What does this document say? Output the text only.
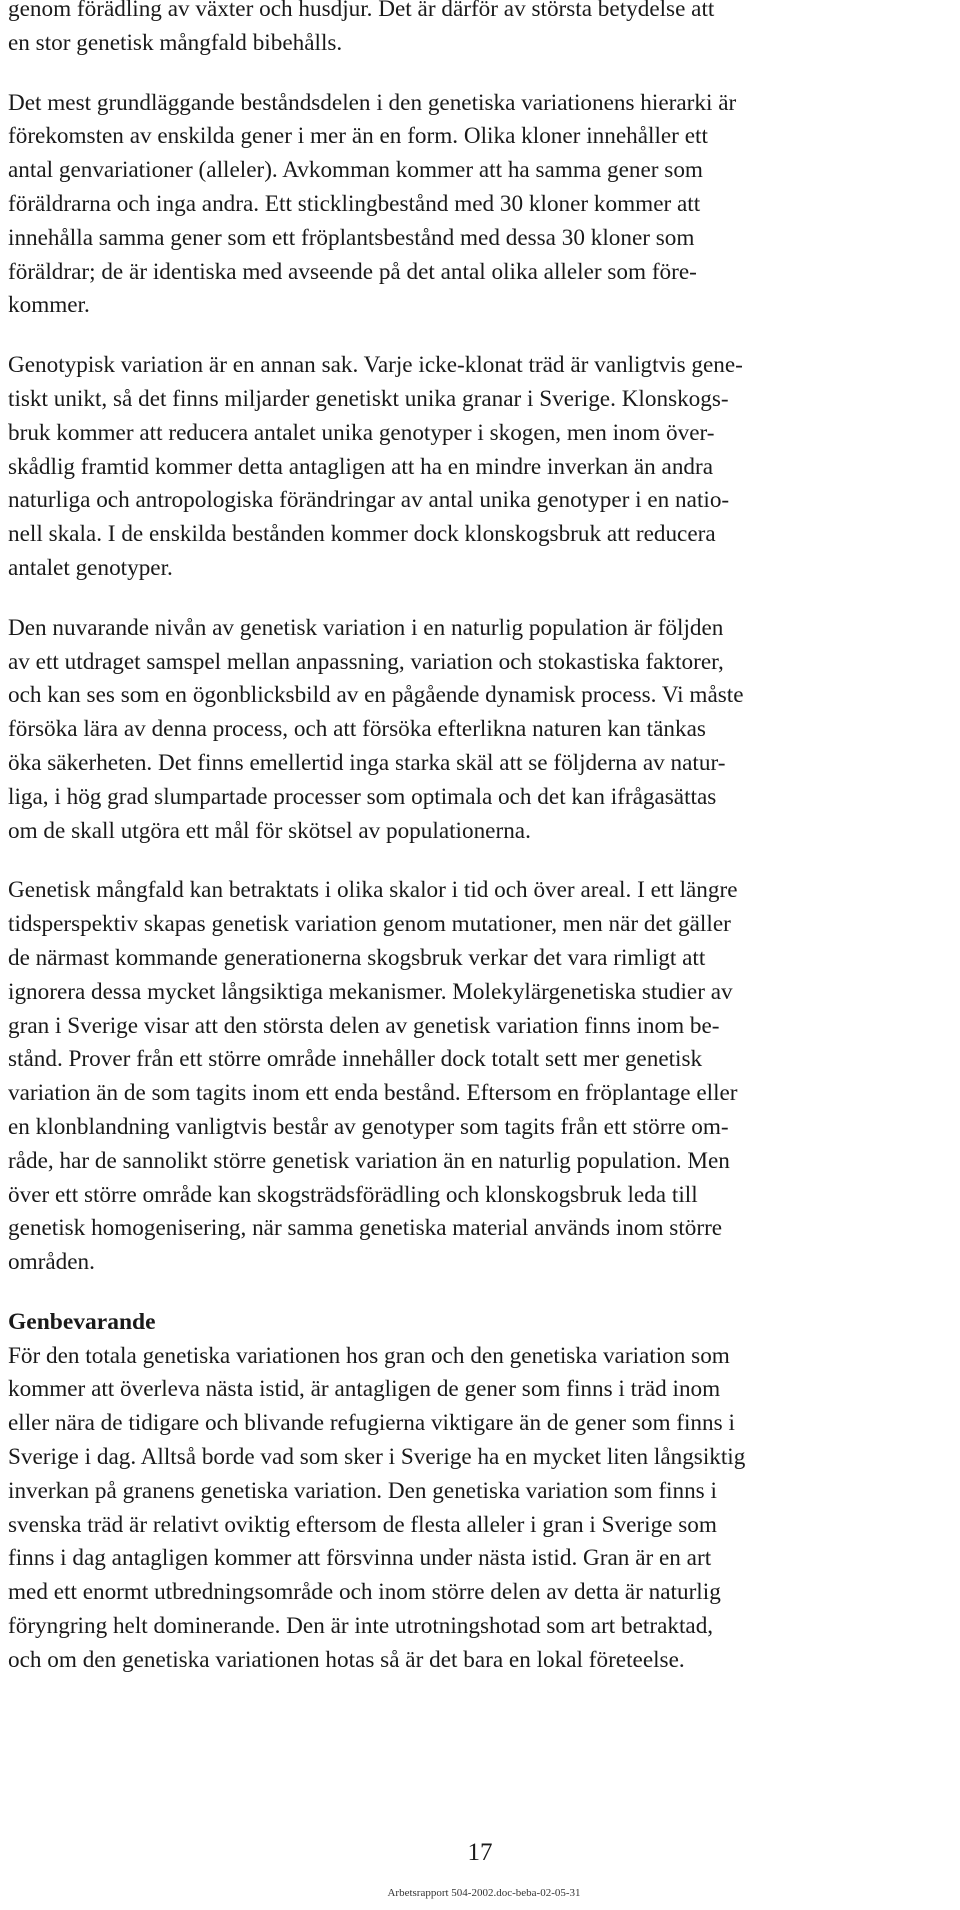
genom förädling av växter och husdjur. Det är därför av största betydelse att
en stor genetisk mångfald bibehålls.

Det mest grundläggande beståndsdelen i den genetiska variationens hierarki är
förekomsten av enskilda gener i mer än en form. Olika kloner innehåller ett
antal genvariationer (alleler). Avkomman kommer att ha samma gener som
föräldrarna och inga andra. Ett sticklingbestånd med 30 kloner kommer att
innehålla samma gener som ett fröplantsbestånd med dessa 30 kloner som
föräldrar; de är identiska med avseende på det antal olika alleler som före-
kommer.

Genotypisk variation är en annan sak. Varje icke-klonat träd är vanligtvis gene-
tiskt unikt, så det finns miljarder genetiskt unika granar i Sverige. Klonskogs-
bruk kommer att reducera antalet unika genotyper i skogen, men inom över-
skådlig framtid kommer detta antagligen att ha en mindre inverkan än andra
naturliga och antropologiska förändringar av antal unika genotyper i en natio-
nell skala. I de enskilda bestånden kommer dock klonskogsbruk att reducera
antalet genotyper.

Den nuvarande nivån av genetisk variation i en naturlig population är följden
av ett utdraget samspel mellan anpassning, variation och stokastiska faktorer,
och kan ses som en ögonblicksbild av en pågående dynamisk process. Vi måste
försöka lära av denna process, och att försöka efterlikna naturen kan tänkas
öka säkerheten. Det finns emellertid inga starka skäl att se följderna av natur-
liga, i hög grad slumpartade processer som optimala och det kan ifrågasättas
om de skall utgöra ett mål för skötsel av populationerna.

Genetisk mångfald kan betraktats i olika skalor i tid och över areal. I ett längre
tidsperspektiv skapas genetisk variation genom mutationer, men när det gäller
de närmast kommande generationerna skogsbruk verkar det vara rimligt att
ignorera dessa mycket långsiktiga mekanismer. Molekylärgenetiska studier av
gran i Sverige visar att den största delen av genetisk variation finns inom be-
stånd. Prover från ett större område innehåller dock totalt sett mer genetisk
variation än de som tagits inom ett enda bestånd. Eftersom en fröplantage eller
en klonblandning vanligtvis består av genotyper som tagits från ett större om-
råde, har de sannolikt större genetisk variation än en naturlig population. Men
över ett större område kan skogsträdsförädling och klonskogsbruk leda till
genetisk homogenisering, när samma genetiska material används inom större
områden.

Genbevarande

För den totala genetiska variationen hos gran och den genetiska variation som
kommer att överleva nästa istid, är antagligen de gener som finns i träd inom
eller nära de tidigare och blivande refugierna viktigare än de gener som finns i
Sverige i dag. Alltså borde vad som sker i Sverige ha en mycket liten långsiktig
inverkan på granens genetiska variation. Den genetiska variation som finns i
svenska träd är relativt oviktig eftersom de flesta alleler i gran i Sverige som
finns i dag antagligen kommer att försvinna under nästa istid. Gran är en art
med ett enormt utbredningsområde och inom större delen av detta är naturlig
föryngring helt dominerande. Den är inte utrotningshotad som art betraktad,
och om den genetiska variationen hotas så är det bara en lokal företeelse.

17
Arbetsrapport 504-2002.doc-beba-02-05-31
